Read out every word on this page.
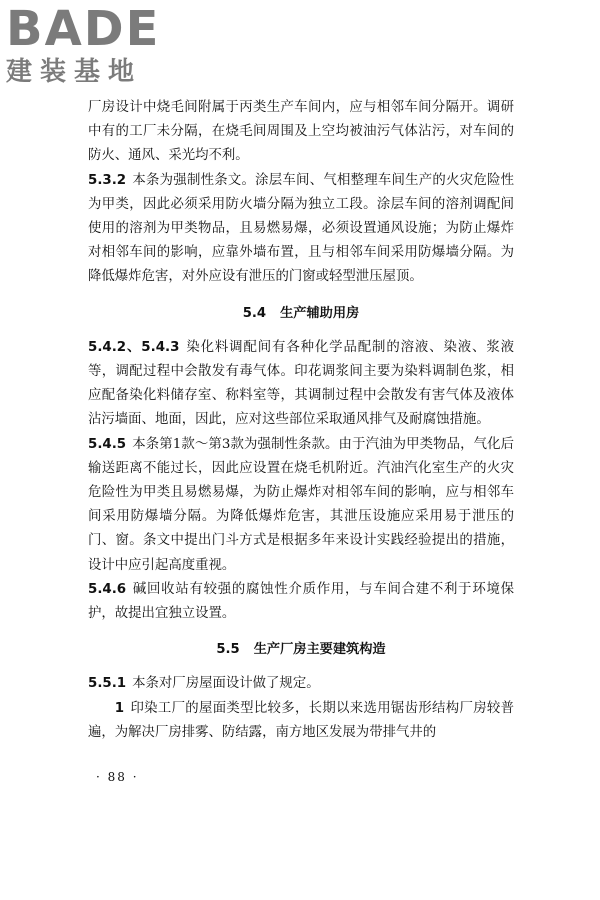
BADE
建装基地

厂房设计中烧毛间附属于丙类生产车间内，应与相邻车间分隔开。调研中有的工厂未分隔，在烧毛间周围及上空均被油污气体沾污，对车间的防火、通风、采光均不利。

5.3.2 本条为强制性条文。涂层车间、气相整理车间生产的火灾危险性为甲类，因此必须采用防火墙分隔为独立工段。涂层车间的溶剂调配间使用的溶剂为甲类物品，且易燃易爆，必须设置通风设施；为防止爆炸对相邻车间的影响，应靠外墙布置，且与相邻车间采用防爆墙分隔。为降低爆炸危害，对外应设有泄压的门窗或轻型泄压屋顶。

5.4 生产辅助用房

5.4.2、5.4.3 染化料调配间有各种化学品配制的溶液、染液、浆液等，调配过程中会散发有毒气体。印花调浆间主要为染料调制色浆，相应配备染化料储存室、称料室等，其调制过程中会散发有害气体及液体沾污墙面、地面，因此，应对这些部位采取通风排气及耐腐蚀措施。

5.4.5 本条第1款～第3款为强制性条款。由于汽油为甲类物品，气化后输送距离不能过长，因此应设置在烧毛机附近。汽油汽化室生产的火灾危险性为甲类且易燃易爆，为防止爆炸对相邻车间的影响，应与相邻车间采用防爆墙分隔。为降低爆炸危害，其泄压设施应采用易于泄压的门、窗。条文中提出门斗方式是根据多年来设计实践经验提出的措施，设计中应引起高度重视。

5.4.6 碱回收站有较强的腐蚀性介质作用，与车间合建不利于环境保护，故提出宜独立设置。

5.5 生产厂房主要建筑构造

5.5.1 本条对厂房屋面设计做了规定。

1 印染工厂的屋面类型比较多，长期以来选用锯齿形结构厂房较普遍，为解决厂房排雾、防结露，南方地区发展为带排气井的

· 88 ·
